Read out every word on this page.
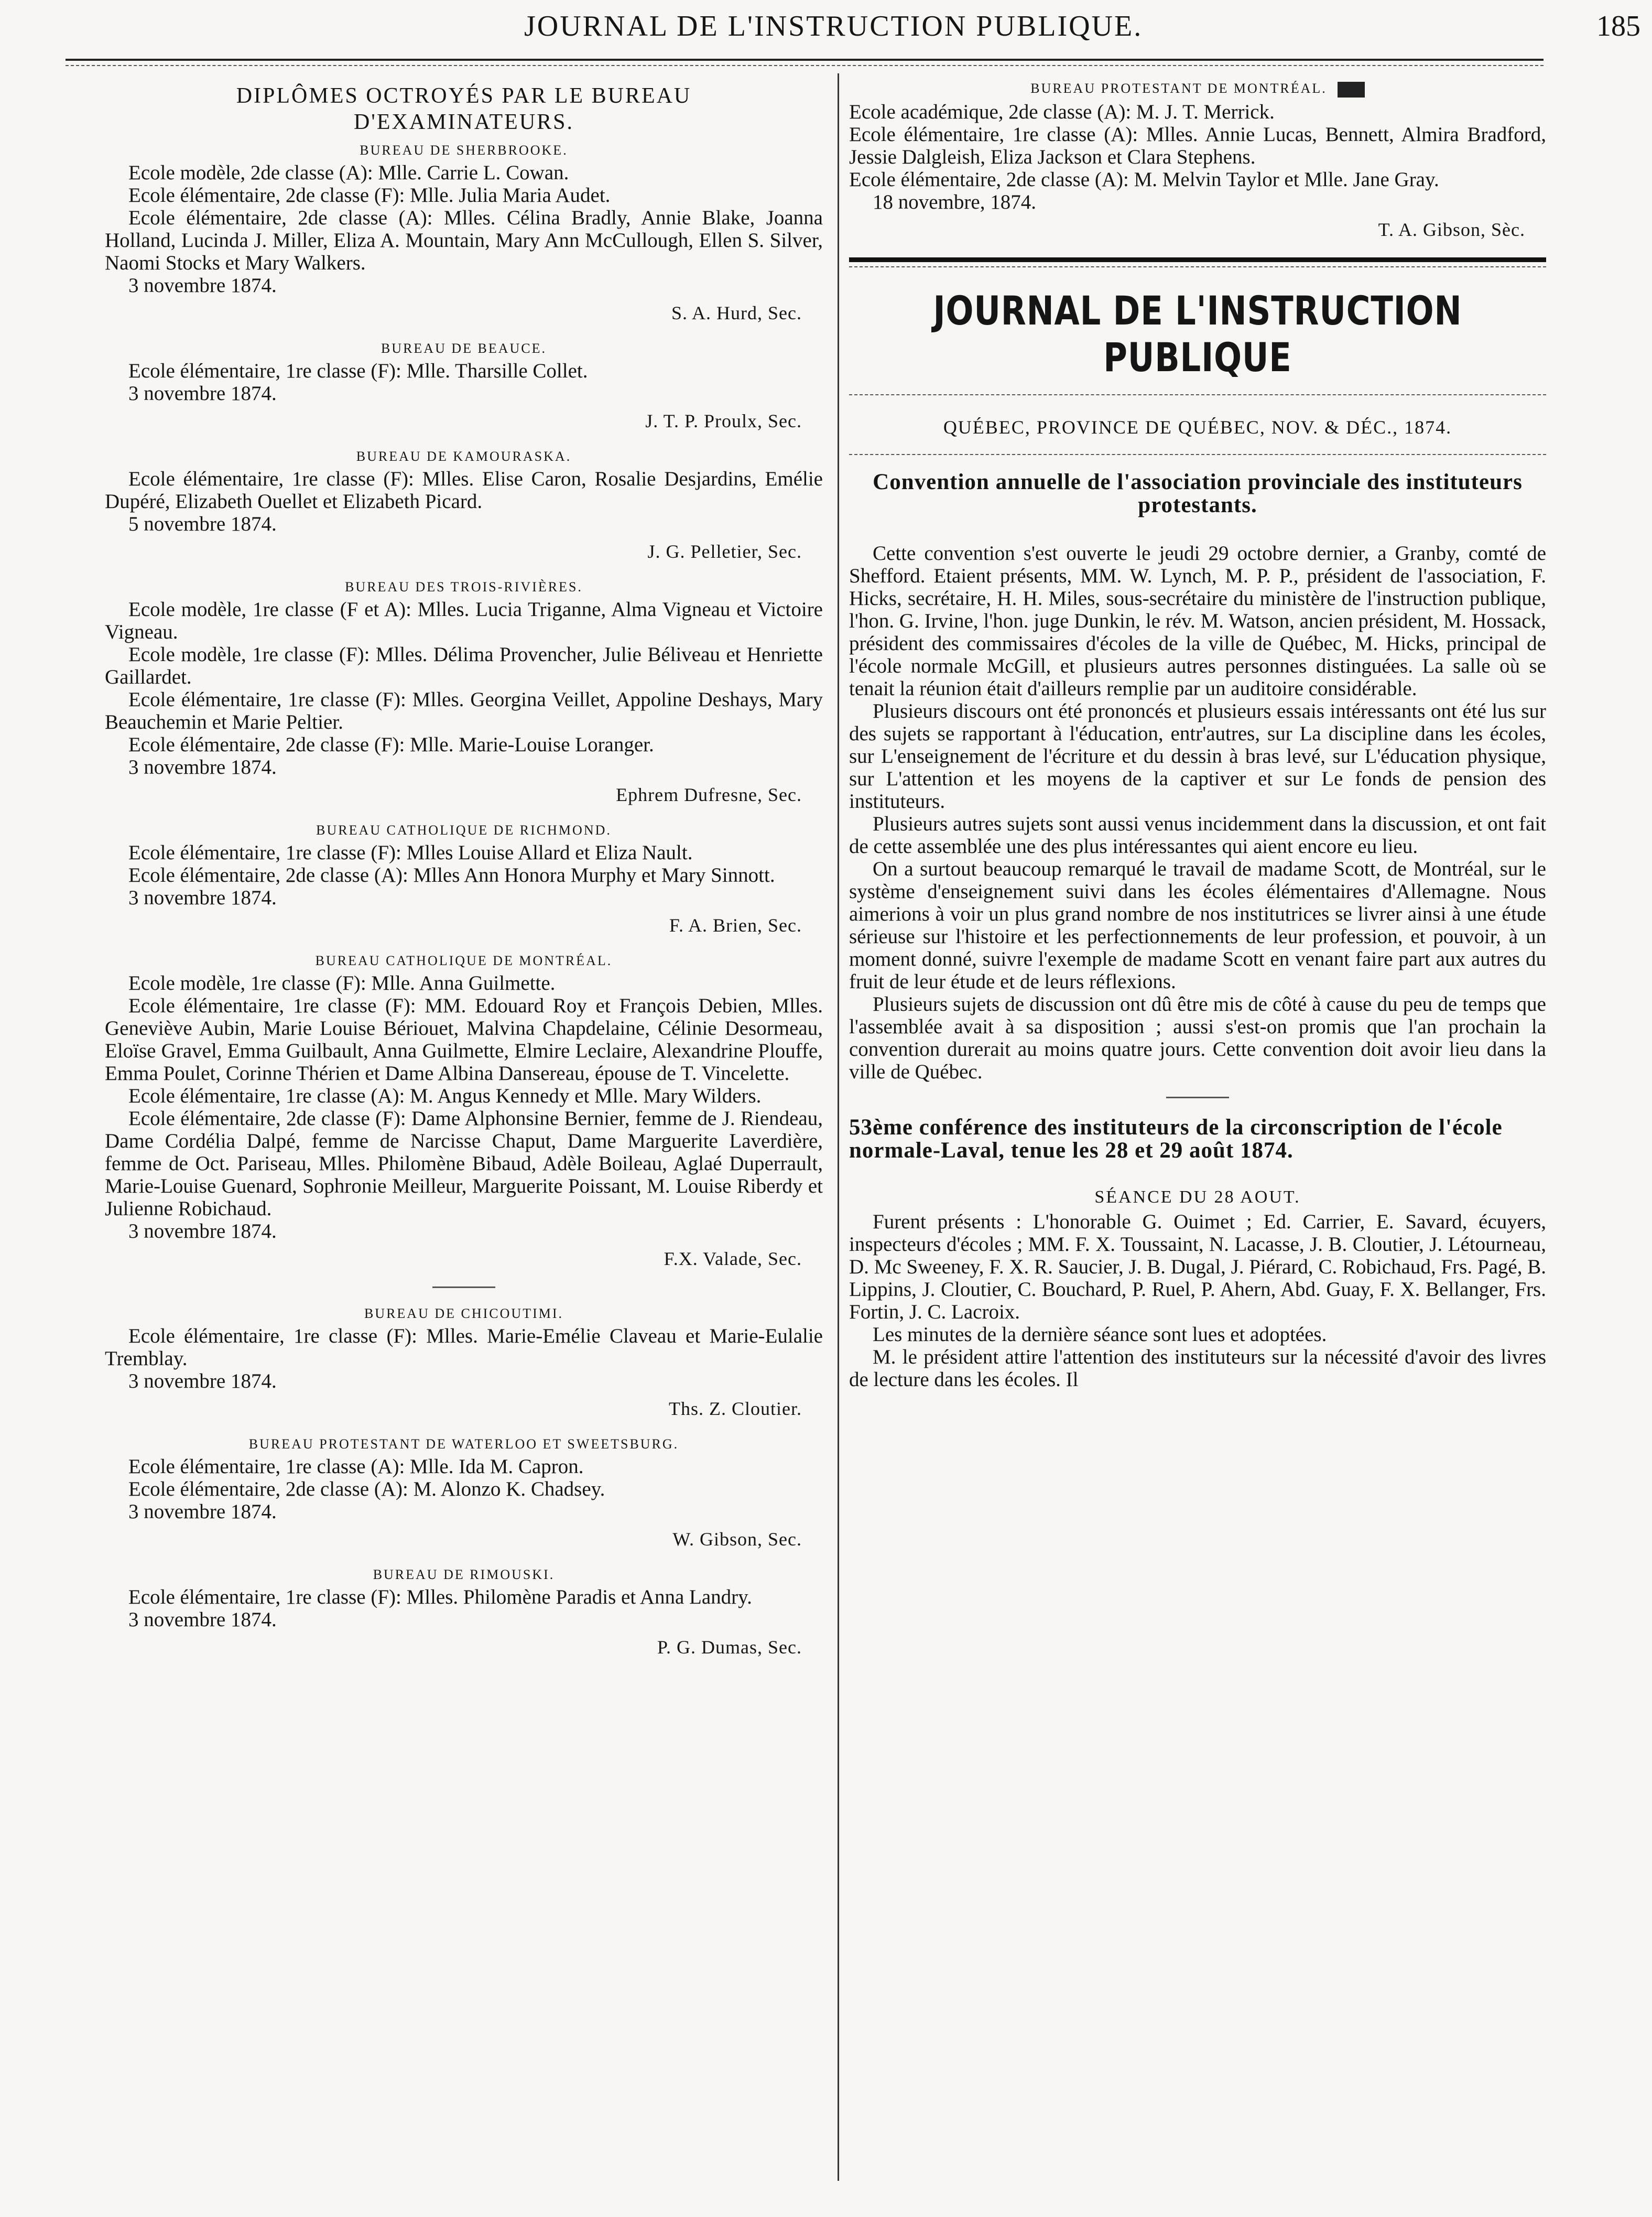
JOURNAL DE L'INSTRUCTION PUBLIQUE.	185
DIPLÔMES OCTROYÉS PAR LE BUREAU D'EXAMINATEURS.
BUREAU DE SHERBROOKE.

Ecole modèle, 2de classe (A): Mlle. Carrie L. Cowan.

Ecole élémentaire, 2de classe (F): Mlle. Julia Maria Audet.

Ecole élémentaire, 2de classe (A): Mlles. Célina Bradly, Annie Blake, Joanna Holland, Lucinda J. Miller, Eliza A. Mountain, Mary Ann McCullough, Ellen S. Silver, Naomi Stocks et Mary Walkers.

3 novembre 1874.

S. A. Hurd, Sec.
BUREAU DE BEAUCE.

Ecole élémentaire, 1re classe (F): Mlle. Tharsille Collet.

3 novembre 1874.

J. T. P. Proulx, Sec.
BUREAU DE KAMOURASKA.

Ecole élémentaire, 1re classe (F): Mlles. Elise Caron, Rosalie Desjardins, Emélie Dupéré, Elizabeth Ouellet et Elizabeth Picard.

5 novembre 1874.

J. G. Pelletier, Sec.
BUREAU DES TROIS-RIVIÈRES.

Ecole modèle, 1re classe (F et A): Mlles. Lucia Triganne, Alma Vigneau et Victoire Vigneau.

Ecole modèle, 1re classe (F): Mlles. Délima Provencher, Julie Béliveau et Henriette Gaillardet.

Ecole élémentaire, 1re classe (F): Mlles. Georgina Veillet, Appoline Deshays, Mary Beauchemin et Marie Peltier.

Ecole élémentaire, 2de classe (F): Mlle. Marie-Louise Loranger.

3 novembre 1874.

Ephrem Dufresne, Sec.
BUREAU CATHOLIQUE DE RICHMOND.

Ecole élémentaire, 1re classe (F): Mlles Louise Allard et Eliza Nault.

Ecole élémentaire, 2de classe (A): Mlles Ann Honora Murphy et Mary Sinnott.

3 novembre 1874.

F. A. Brien, Sec.
BUREAU CATHOLIQUE DE MONTRÉAL.

Ecole modèle, 1re classe (F): Mlle. Anna Guilmette.

Ecole élémentaire, 1re classe (F): MM. Edouard Roy et François Debien, Mlles. Geneviève Aubin, Marie Louise Bériouet, Malvina Chapdelaine, Célinie Desormeau, Eloïse Gravel, Emma Guilbault, Anna Guilmette, Elmire Leclaire, Alexandrine Plouffe, Emma Poulet, Corinne Thérien et Dame Albina Dansereau, épouse de T. Vincelette.

Ecole élémentaire, 1re classe (A): M. Angus Kennedy et Mlle. Mary Wilders.

Ecole élémentaire, 2de classe (F): Dame Alphonsine Bernier, femme de J. Riendeau, Dame Cordélia Dalpé, femme de Narcisse Chaput, Dame Marguerite Laverdière, femme de Oct. Pariseau, Mlles. Philomène Bibaud, Adèle Boileau, Aglaé Duperrault, Marie-Louise Guenard, Sophronie Meilleur, Marguerite Poissant, M. Louise Riberdy et Julienne Robichaud.

3 novembre 1874.

F.X. Valade, Sec.
BUREAU DE CHICOUTIMI.

Ecole élémentaire, 1re classe (F): Mlles. Marie-Emélie Claveau et Marie-Eulalie Tremblay.

3 novembre 1874.

Ths. Z. Cloutier.
BUREAU PROTESTANT DE WATERLOO ET SWEETSBURG.

Ecole élémentaire, 1re classe (A): Mlle. Ida M. Capron.

Ecole élémentaire, 2de classe (A): M. Alonzo K. Chadsey.

3 novembre 1874.

W. Gibson, Sec.
BUREAU DE RIMOUSKI.

Ecole élémentaire, 1re classe (F): Mlles. Philomène Paradis et Anna Landry.

3 novembre 1874.

P. G. Dumas, Sec.
BUREAU PROTESTANT DE MONTRÉAL.

Ecole académique, 2de classe (A): M. J. T. Merrick.

Ecole élémentaire, 1re classe (A): Mlles. Annie Lucas, Bennett, Almira Bradford, Jessie Dalgleish, Eliza Jackson et Clara Stephens.

Ecole élémentaire, 2de classe (A): M. Melvin Taylor et Mlle. Jane Gray.

18 novembre, 1874.

T. A. Gibson, Sèc.
JOURNAL DE L'INSTRUCTION PUBLIQUE
QUÉBEC, PROVINCE DE QUÉBEC, NOV. & DÉC., 1874.
Convention annuelle de l'association provinciale des instituteurs protestants.

Cette convention s'est ouverte le jeudi 29 octobre dernier, a Granby, comté de Shefford. Etaient présents, MM. W. Lynch, M. P. P., président de l'association, F. Hicks, secrétaire, H. H. Miles, sous-secrétaire du ministère de l'instruction publique, l'hon. G. Irvine, l'hon. juge Dunkin, le rév. M. Watson, ancien président, M. Hossack, président des commissaires d'écoles de la ville de Québec, M. Hicks, principal de l'école normale McGill, et plusieurs autres personnes distinguées. La salle où se tenait la réunion était d'ailleurs remplie par un auditoire considérable.

Plusieurs discours ont été prononcés et plusieurs essais intéressants ont été lus sur des sujets se rapportant à l'éducation, entr'autres, sur La discipline dans les écoles, sur L'enseignement de l'écriture et du dessin à bras levé, sur L'éducation physique, sur L'attention et les moyens de la captiver et sur Le fonds de pension des instituteurs.

Plusieurs autres sujets sont aussi venus incidemment dans la discussion, et ont fait de cette assemblée une des plus intéressantes qui aient encore eu lieu.

On a surtout beaucoup remarqué le travail de madame Scott, de Montréal, sur le système d'enseignement suivi dans les écoles élémentaires d'Allemagne. Nous aimerions à voir un plus grand nombre de nos institutrices se livrer ainsi à une étude sérieuse sur l'histoire et les perfectionnements de leur profession, et pouvoir, à un moment donné, suivre l'exemple de madame Scott en venant faire part aux autres du fruit de leur étude et de leurs réflexions.

Plusieurs sujets de discussion ont dû être mis de côté à cause du peu de temps que l'assemblée avait à sa disposition ; aussi s'est-on promis que l'an prochain la convention durerait au moins quatre jours. Cette convention doit avoir lieu dans la ville de Québec.

53ème conférence des instituteurs de la circonscription de l'école normale-Laval, tenue les 28 et 29 août 1874.
SÉANCE DU 28 AOUT.

Furent présents : L'honorable G. Ouimet ; Ed. Carrier, E. Savard, écuyers, inspecteurs d'écoles ; MM. F. X. Toussaint, N. Lacasse, J. B. Cloutier, J. Létourneau, D. Mc Sweeney, F. X. R. Saucier, J. B. Dugal, J. Piérard, C. Robichaud, Frs. Pagé, B. Lippins, J. Cloutier, C. Bouchard, P. Ruel, P. Ahern, Abd. Guay, F. X. Bellanger, Frs. Fortin, J. C. Lacroix.

Les minutes de la dernière séance sont lues et adoptées.

M. le président attire l'attention des instituteurs sur la nécessité d'avoir des livres de lecture dans les écoles. Il
